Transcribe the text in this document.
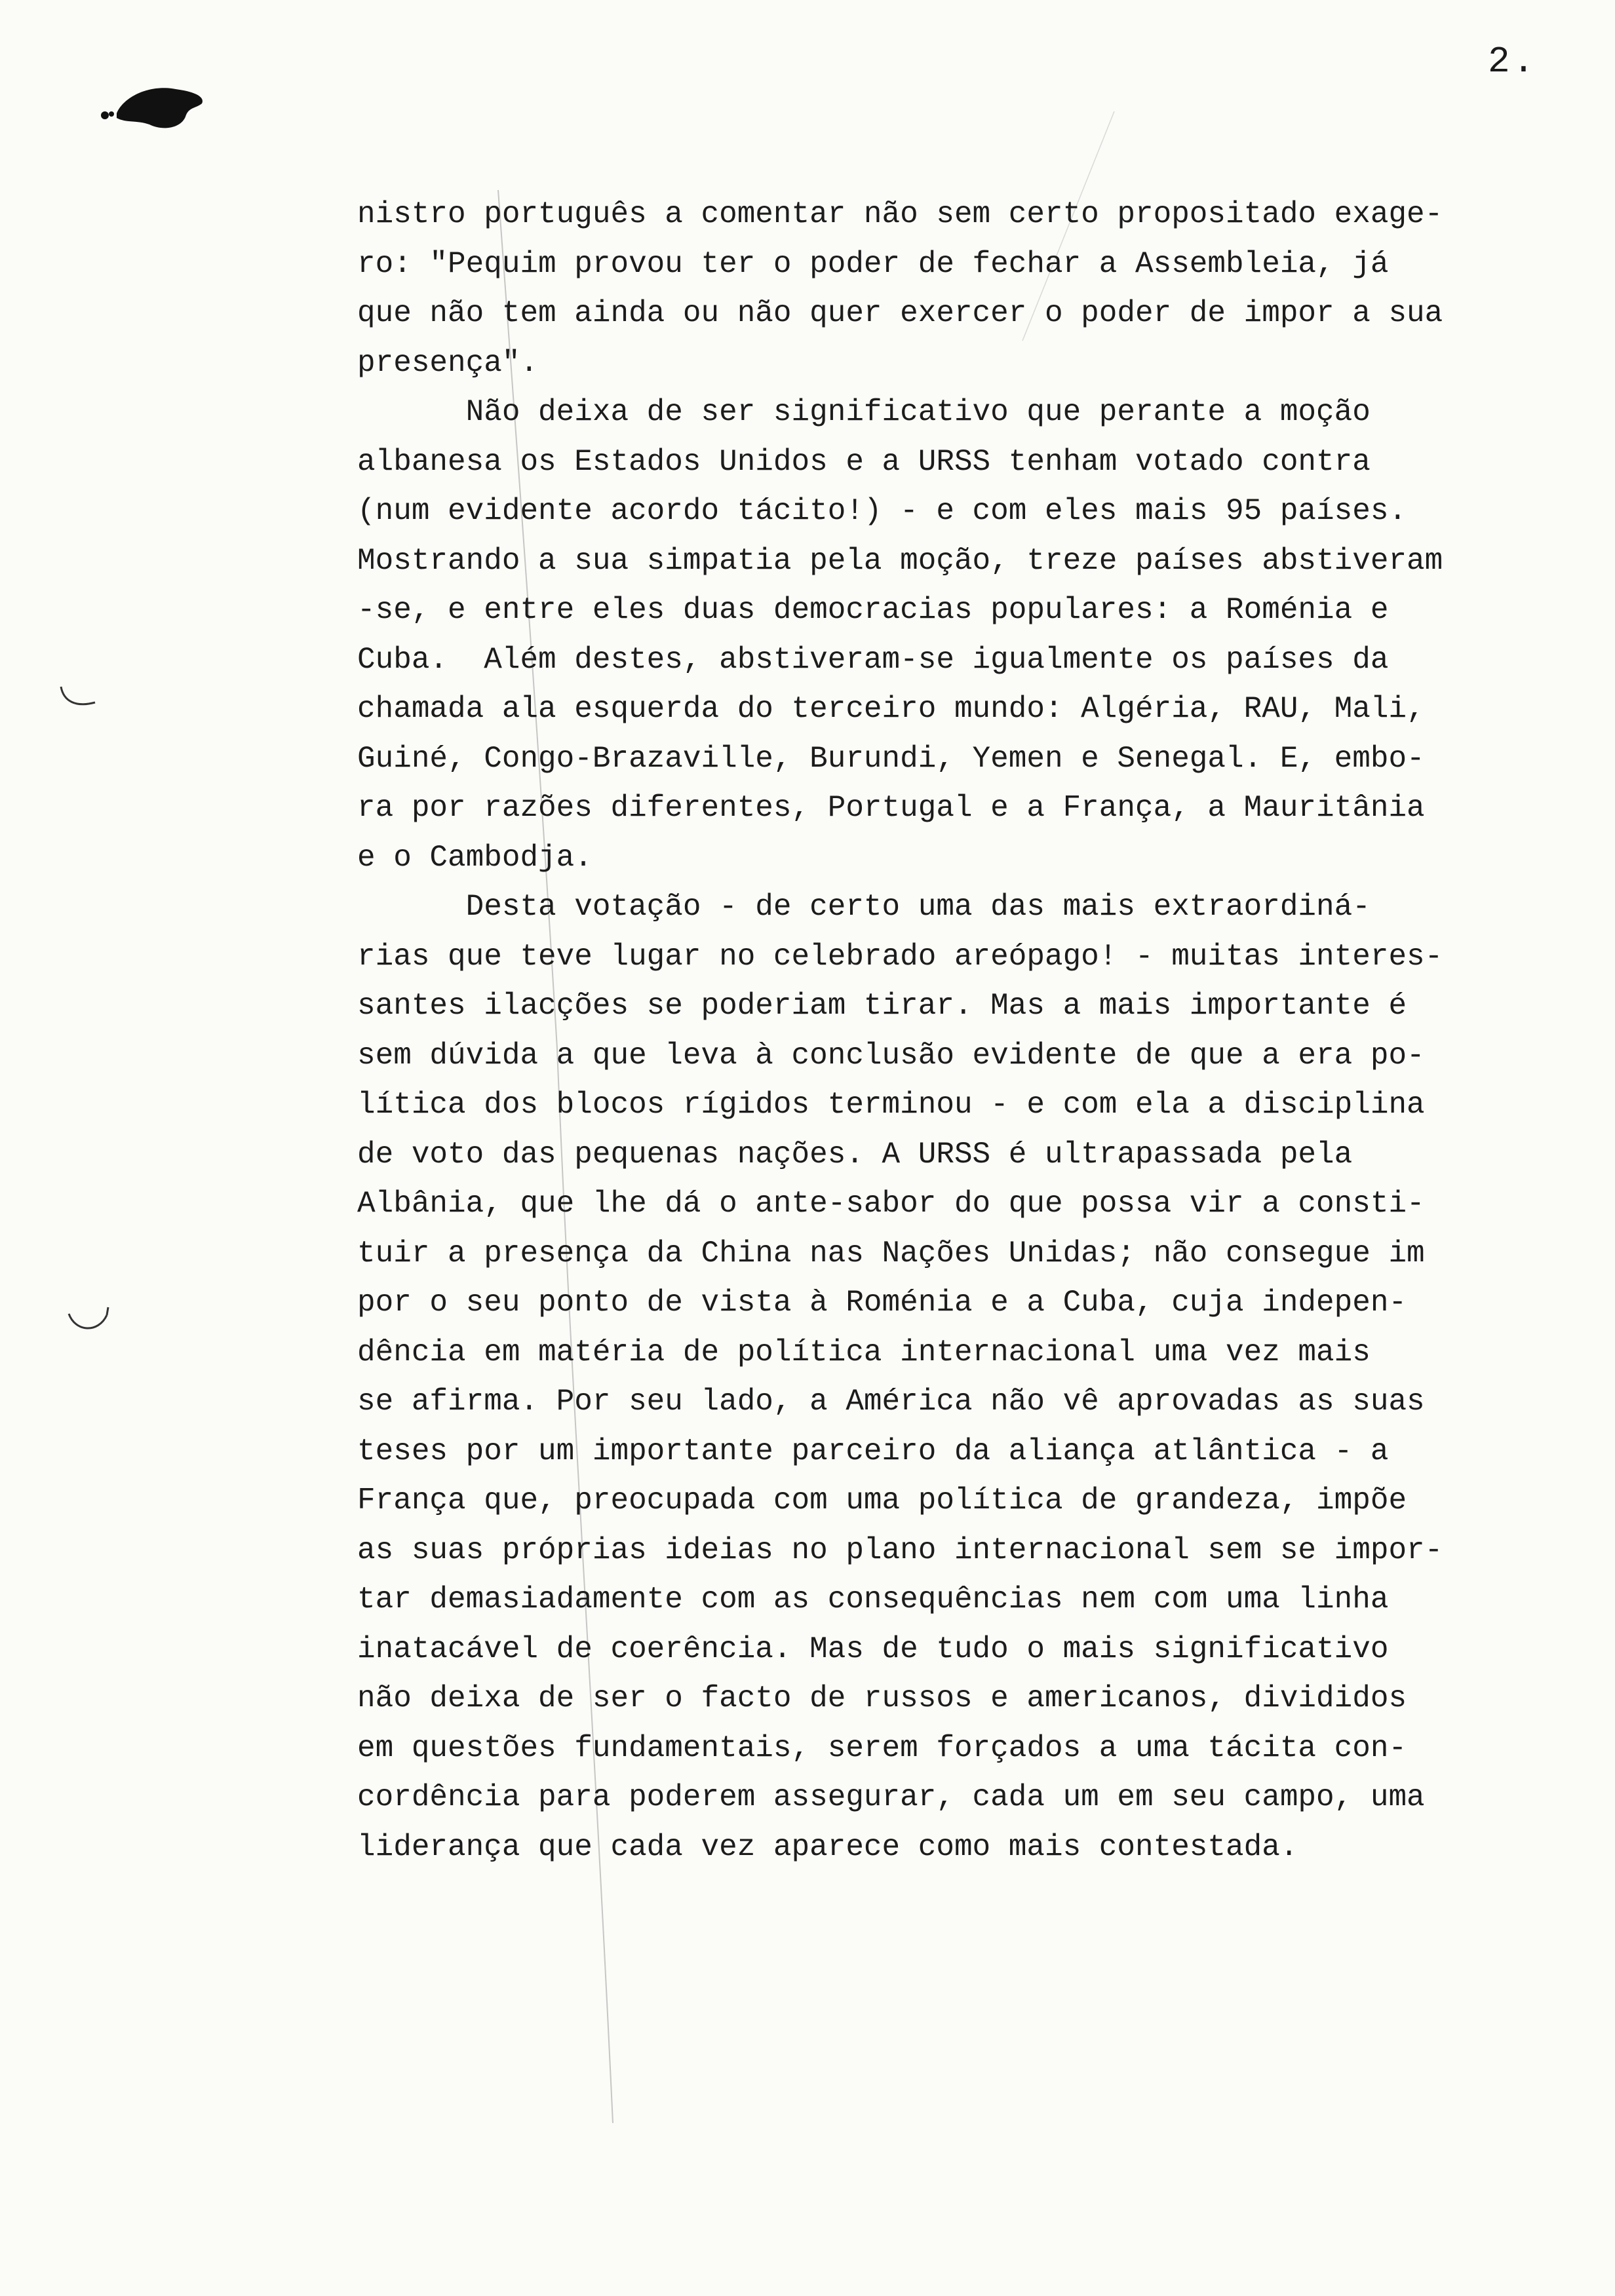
2.
nistro português a comentar não sem certo propositado exage-
ro: "Pequim provou ter o poder de fechar a Assembleia, já
que não tem ainda ou não quer exercer o poder de impor a sua
presença".
Não deixa de ser significativo que perante a moção
albanesa os Estados Unidos e a URSS tenham votado contra
(num evidente acordo tácito!) - e com eles mais 95 países.
Mostrando a sua simpatia pela moção, treze países abstiveram
-se, e entre eles duas democracias populares: a Roménia e
Cuba.  Além destes, abstiveram-se igualmente os países da
chamada ala esquerda do terceiro mundo: Algéria, RAU, Mali,
Guiné, Congo-Brazaville, Burundi, Yemen e Senegal. E, embo-
ra por razões diferentes, Portugal e a França, a Mauritânia
e o Cambodja.
Desta votação - de certo uma das mais extraordiná-
rias que teve lugar no celebrado areópago! - muitas interes-
santes ilacções se poderiam tirar. Mas a mais importante é
sem dúvida a que leva à conclusão evidente de que a era po-
lítica dos blocos rígidos terminou - e com ela a disciplina
de voto das pequenas nações. A URSS é ultrapassada pela
Albânia, que lhe dá o ante-sabor do que possa vir a consti-
tuir a presença da China nas Nações Unidas; não consegue im
por o seu ponto de vista à Roménia e a Cuba, cuja indepen-
dência em matéria de política internacional uma vez mais
se afirma. Por seu lado, a América não vê aprovadas as suas
teses por um importante parceiro da aliança atlântica - a
França que, preocupada com uma política de grandeza, impõe
as suas próprias ideias no plano internacional sem se impor-
tar demasiadamente com as consequências nem com uma linha
inatacável de coerência. Mas de tudo o mais significativo
não deixa de ser o facto de russos e americanos, divididos
em questões fundamentais, serem forçados a uma tácita con-
cordência para poderem assegurar, cada um em seu campo, uma
liderança que cada vez aparece como mais contestada.
